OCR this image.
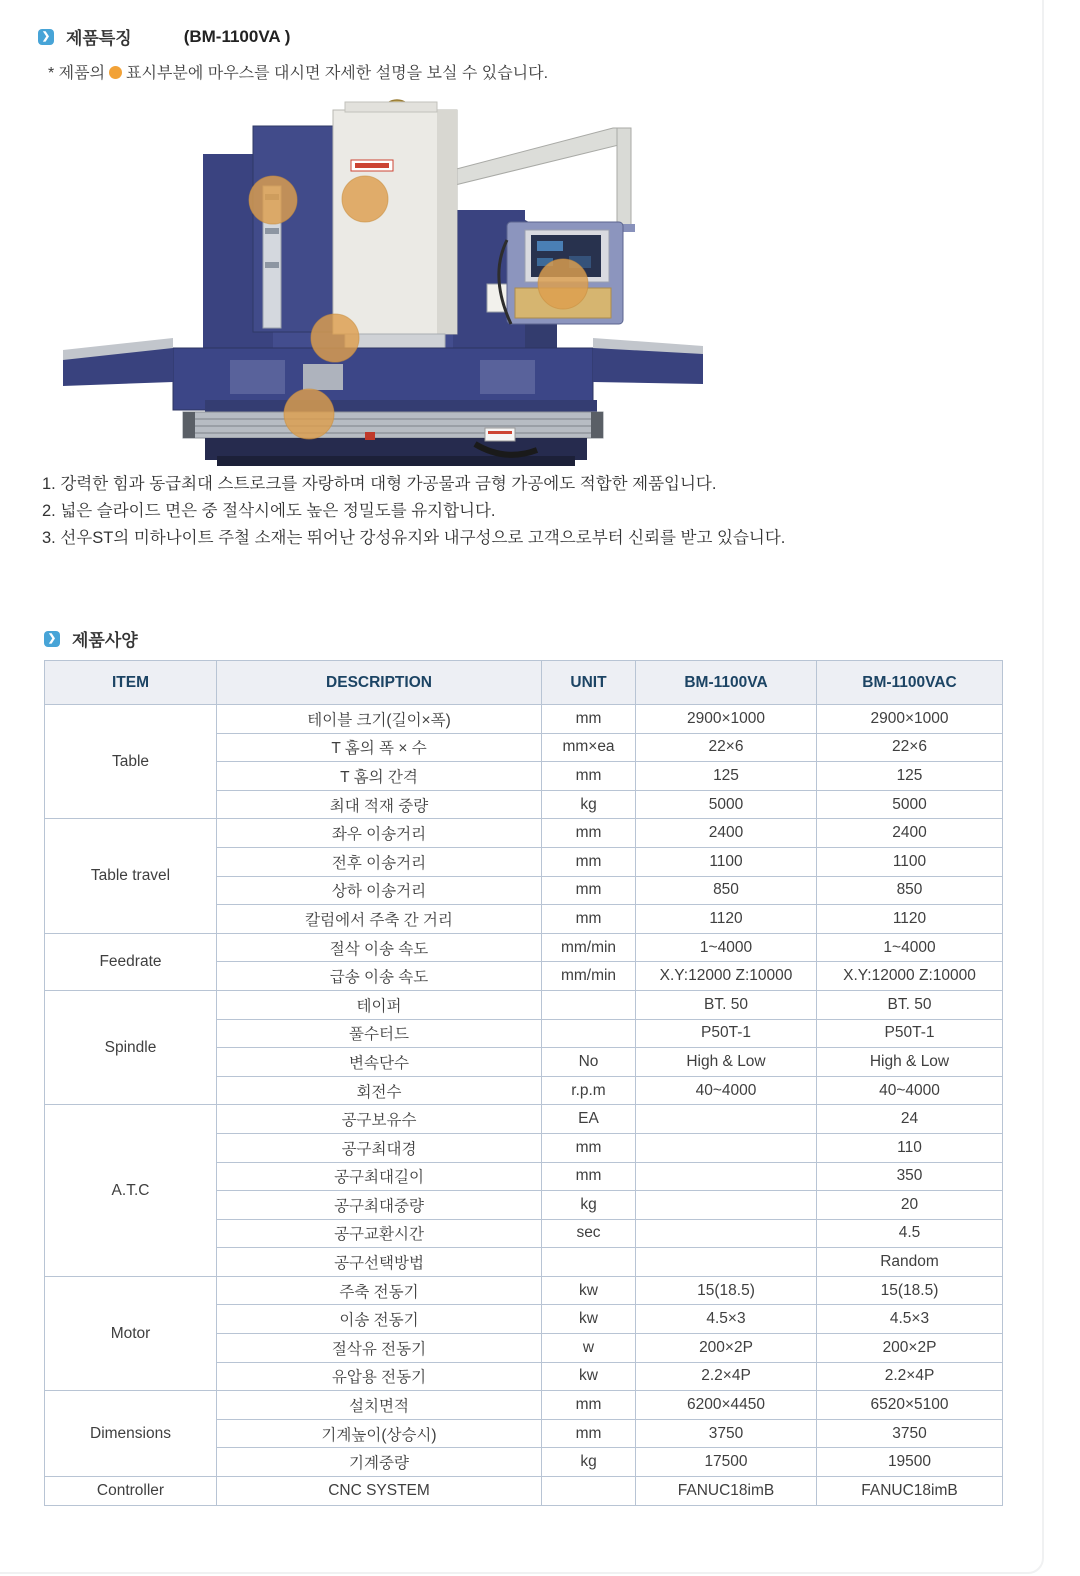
❯ 제품특징	(BM-1100VA )
* 제품의 표시부분에 마우스를 대시면 자세한 설명을 보실 수 있습니다.
1. 강력한 힘과 동급최대 스트로크를 자랑하며 대형 가공물과 금형 가공에도 적합한 제품입니다.
2. 넓은 슬라이드 면은 중 절삭시에도 높은 정밀도를 유지합니다.
3. 선우ST의 미하나이트 주철 소재는 뛰어난 강성유지와 내구성으로 고객으로부터 신뢰를 받고 있습니다.
❯ 제품사양
ITEM	DESCRIPTION	UNIT	BM-1100VA	BM-1100VAC
Table	테이블 크기(길이×폭)	mm	2900×1000	2900×1000
	T 홈의 폭 × 수	mm×ea	22×6	22×6
	T 홈의 간격	mm	125	125
	최대 적재 중량	kg	5000	5000
Table travel	좌우 이송거리	mm	2400	2400
	전후 이송거리	mm	1100	1100
	상하 이송거리	mm	850	850
	칼럼에서 주축 간 거리	mm	1120	1120
Feedrate	절삭 이송 속도	mm/min	1~4000	1~4000
	급송 이송 속도	mm/min	X.Y:12000 Z:10000	X.Y:12000 Z:10000
Spindle	테이퍼		BT. 50	BT. 50
	풀수터드		P50T-1	P50T-1
	변속단수	No	High & Low	High & Low
	회전수	r.p.m	40~4000	40~4000
A.T.C	공구보유수	EA		24
	공구최대경	mm		110
	공구최대길이	mm		350
	공구최대중량	kg		20
	공구교환시간	sec		4.5
	공구선택방법			Random
Motor	주축 전동기	kw	15(18.5)	15(18.5)
	이송 전동기	kw	4.5×3	4.5×3
	절삭유 전동기	w	200×2P	200×2P
	유압용 전동기	kw	2.2×4P	2.2×4P
Dimensions	설치면적	mm	6200×4450	6520×5100
	기계높이(상승시)	mm	3750	3750
	기계중량	kg	17500	19500
Controller	CNC SYSTEM		FANUC18imB	FANUC18imB
